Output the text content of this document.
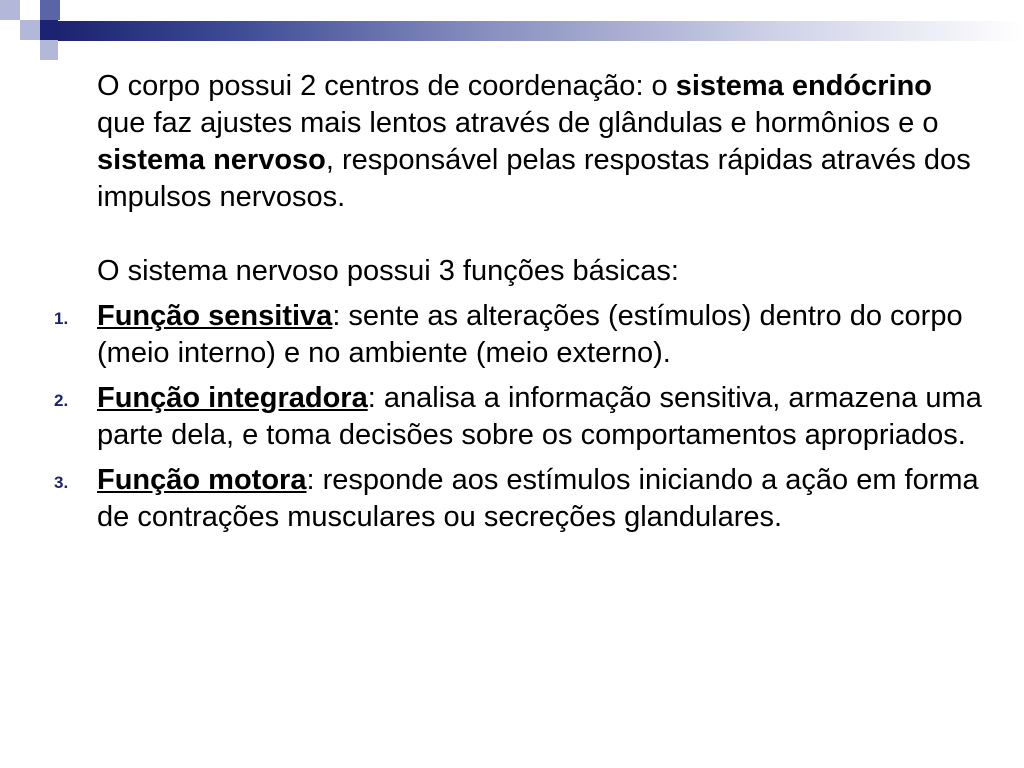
O corpo possui 2 centros de coordenação: o sistema endócrino que faz ajustes mais lentos através de glândulas e hormônios e o sistema nervoso, responsável pelas respostas rápidas através dos impulsos nervosos.

O sistema nervoso possui 3 funções básicas:

1. Função sensitiva: sente as alterações (estímulos) dentro do corpo (meio interno) e no ambiente (meio externo).
2. Função integradora: analisa a informação sensitiva, armazena uma parte dela, e toma decisões sobre os comportamentos apropriados.
3. Função motora: responde aos estímulos iniciando a ação em forma de contrações musculares ou secreções glandulares.
